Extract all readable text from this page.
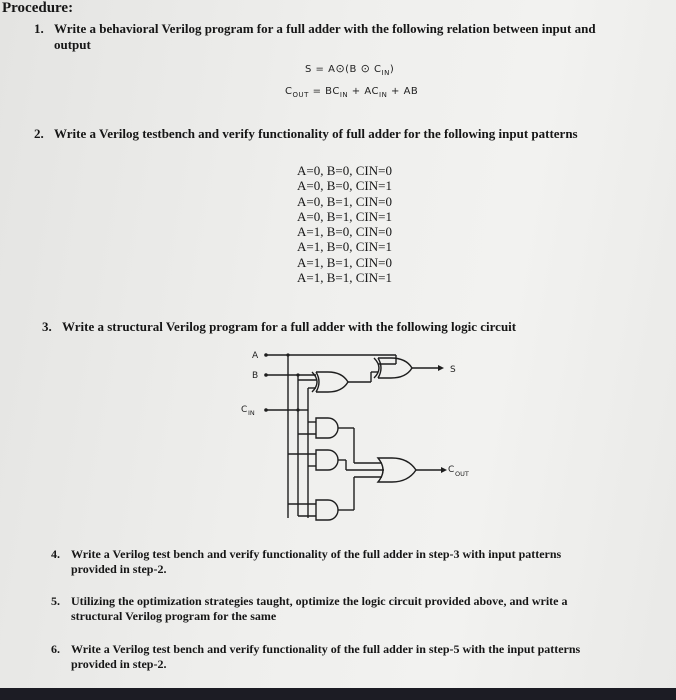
Procedure:
1. Write a behavioral Verilog program for a full adder with the following relation between input and
output
S = A⊙(B ⊙ $C_{IN}$)
$C_{OUT} = BC_{IN} + AC_{IN}$ + AB
2. Write a Verilog testbench and verify functionality of full adder for the following input patterns
A=0, B=0, CIN=0
A=0, B=0, CIN=1
A=0, B=1, CIN=0
A=0, B=1, CIN=1
A=1, B=0, CIN=0
A=1, B=0, CIN=1
A=1, B=1, CIN=0
A=1, B=1, CIN=1
3. Write a structural Verilog program for a full adder with the following logic circuit
A
B
C IN
S
C OUT
4. Write a Verilog test bench and verify functionality of the full adder in step-3 with input patterns
provided in step-2.
5. Utilizing the optimization strategies taught, optimize the logic circuit provided above, and write a
structural Verilog program for the same
6. Write a Verilog test bench and verify functionality of the full adder in step-5 with the input patterns
provided in step-2.
